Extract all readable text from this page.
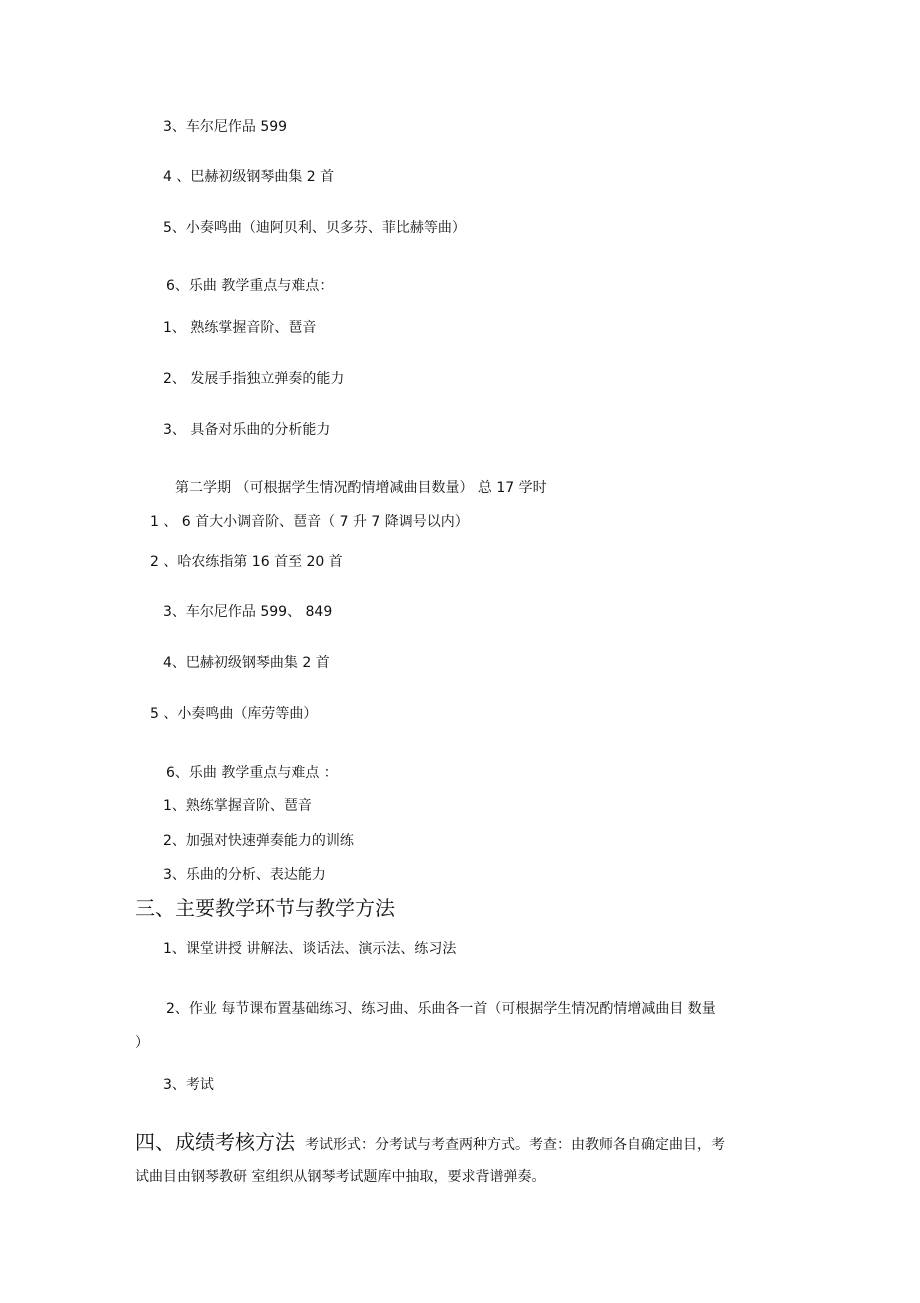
3、车尔尼作品 599
4 、巴赫初级钢琴曲集 2 首
5、小奏鸣曲（迪阿贝利、贝多芬、菲比赫等曲）
6、乐曲 教学重点与难点：
1、 熟练掌握音阶、琶音
2、 发展手指独立弹奏的能力
3、 具备对乐曲的分析能力
第二学期 （可根据学生情况酌情增减曲目数量） 总 17 学时
1 、 6 首大小调音阶、琶音（ 7 升 7 降调号以内）
2 、哈农练指第 16 首至 20 首
3、车尔尼作品 599、 849
4、巴赫初级钢琴曲集 2 首
5 、小奏鸣曲（库劳等曲）
6、乐曲 教学重点与难点 ：
1、熟练掌握音阶、琶音
2、加强对快速弹奏能力的训练
3、乐曲的分析、表达能力
三、主要教学环节与教学方法
1、课堂讲授 讲解法、谈话法、演示法、练习法
2、作业 每节课布置基础练习、练习曲、乐曲各一首（可根据学生情况酌情增减曲目 数量
）
3、考试
四、成绩考核方法 考试形式：分考试与考查两种方式。考查：由教师各自确定曲目，考
试曲目由钢琴教研 室组织从钢琴考试题库中抽取，要求背谱弹奏。
